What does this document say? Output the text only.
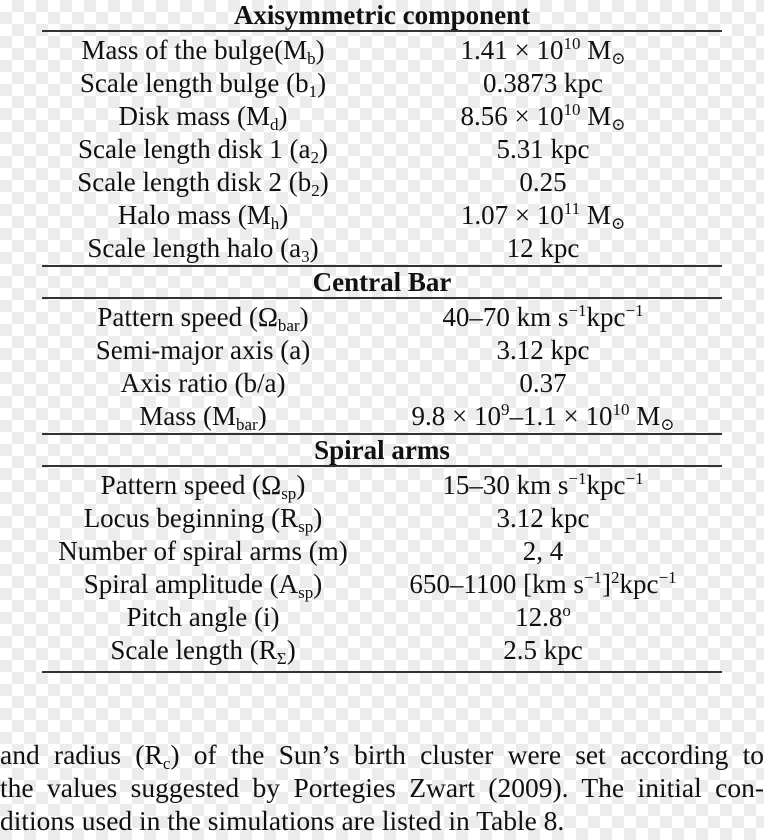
Axisymmetric component
Mass of the $bulge(M_b)$	$1.41 \times 10^{10}$ $M_⊙$
Scale length bulge $(b_1)$	0.3873 kpc
Disk mass $(M_d)$	$8.56 \times 10^{10}$ $M_⊙$
Scale length disk 1 $(a_2)$	5.31 kpc
Scale length disk 2 $(b_2)$	0.25
Halo mass $(M_h)$	$1.07 \times 10^{11}$ $M_⊙$
Scale length halo $(a_3)$	12 kpc
Central Bar
Pattern speed $(\Omega_{bar})$	40–70 km $s^{-1}kpc^{-1}$
Semi-major axis (a)	3.12 kpc
Axis ratio (b/a)	0.37
Mass $(M_{bar})$	$9.8 \times 10^9-1.1 \times 10^{10}$ $M_⊙$
Spiral arms
Pattern speed $(\Omega_{sp})$	15–30 km $s^{-1}kpc^{-1}$
Locus beginning $(R_{sp})$	3.12 kpc
Number of spiral arms (m)	2, 4
Spiral amplitude $(A_{sp})$	650–1100 [km $s^{-1}]^2kpc^{-1}$
Pitch angle (i)	12.8$^o$
Scale length $(R_\Sigma)$	2.5 kpc
and radius $(R_c)$ of the Sun’s birth cluster were set according to
the values suggested by Portegies Zwart (2009). The initial con-
ditions used in the simulations are listed in Table 8.
